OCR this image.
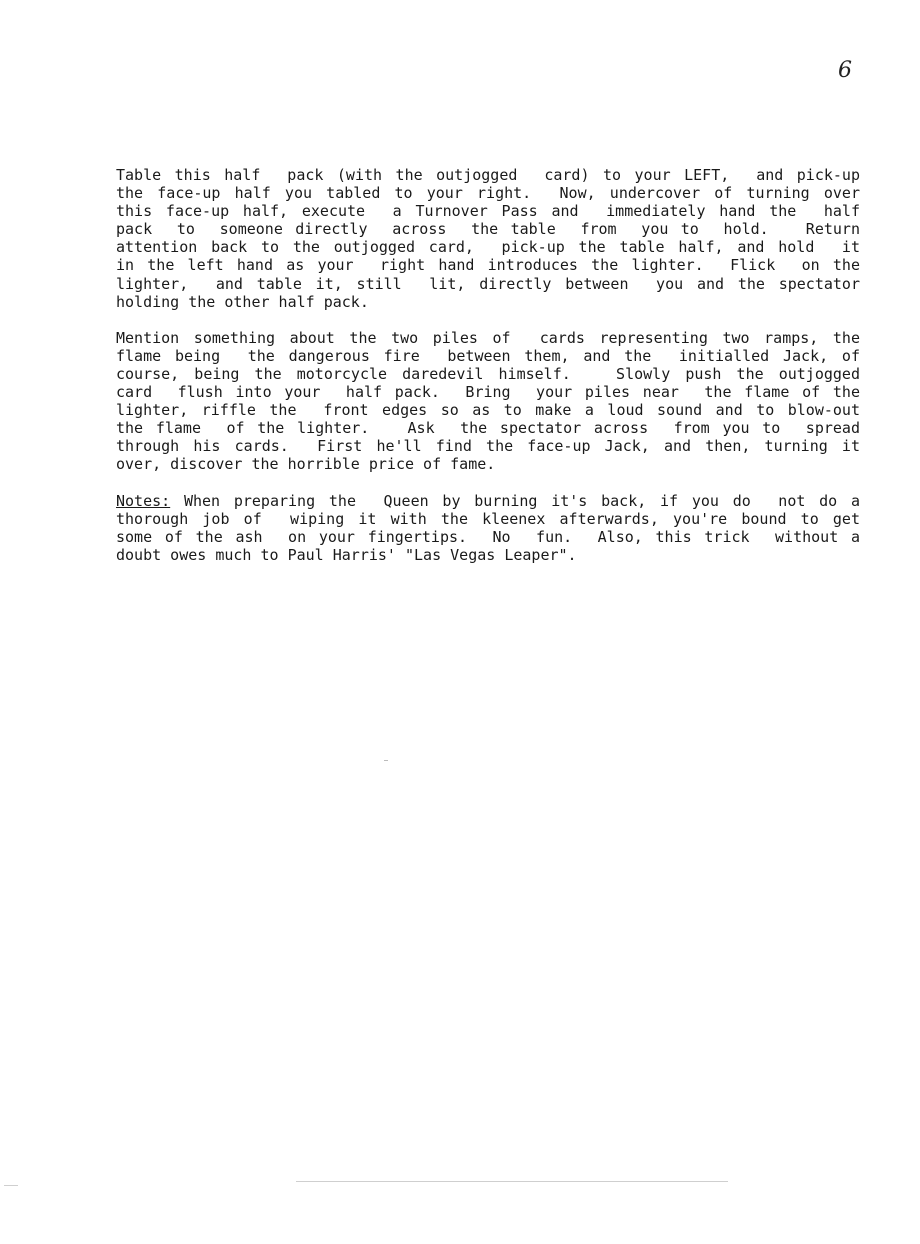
6

Table this half  pack (with the outjogged  card) to your LEFT,  and pick-up
the face-up half you tabled to your right.  Now, undercover of turning over
this face-up half, execute  a Turnover Pass and  immediately hand the  half
pack  to  someone directly  across  the table  from  you to  hold.   Return
attention back to the outjogged card,  pick-up the table half, and hold  it
in the left hand as your  right hand introduces the lighter.  Flick  on the
lighter,  and table it, still  lit, directly between  you and the spectator
holding the other half pack.

Mention something about the two piles of  cards representing two ramps, the
flame being  the dangerous fire  between them, and the  initialled Jack, of
course, being the motorcycle daredevil himself.   Slowly push the outjogged
card  flush into your  half pack.  Bring  your piles near  the flame of the
lighter, riffle the  front edges so as to make a loud sound and to blow-out
the flame  of the lighter.   Ask  the spectator across  from you to  spread
through his cards.  First he'll find the face-up Jack, and then, turning it
over, discover the horrible price of fame.

Notes: When preparing the  Queen by burning it's back, if you do  not do a
thorough job of  wiping it with the kleenex afterwards, you're bound to get
some of the ash  on your fingertips.  No  fun.  Also, this trick  without a
doubt owes much to Paul Harris' "Las Vegas Leaper".
